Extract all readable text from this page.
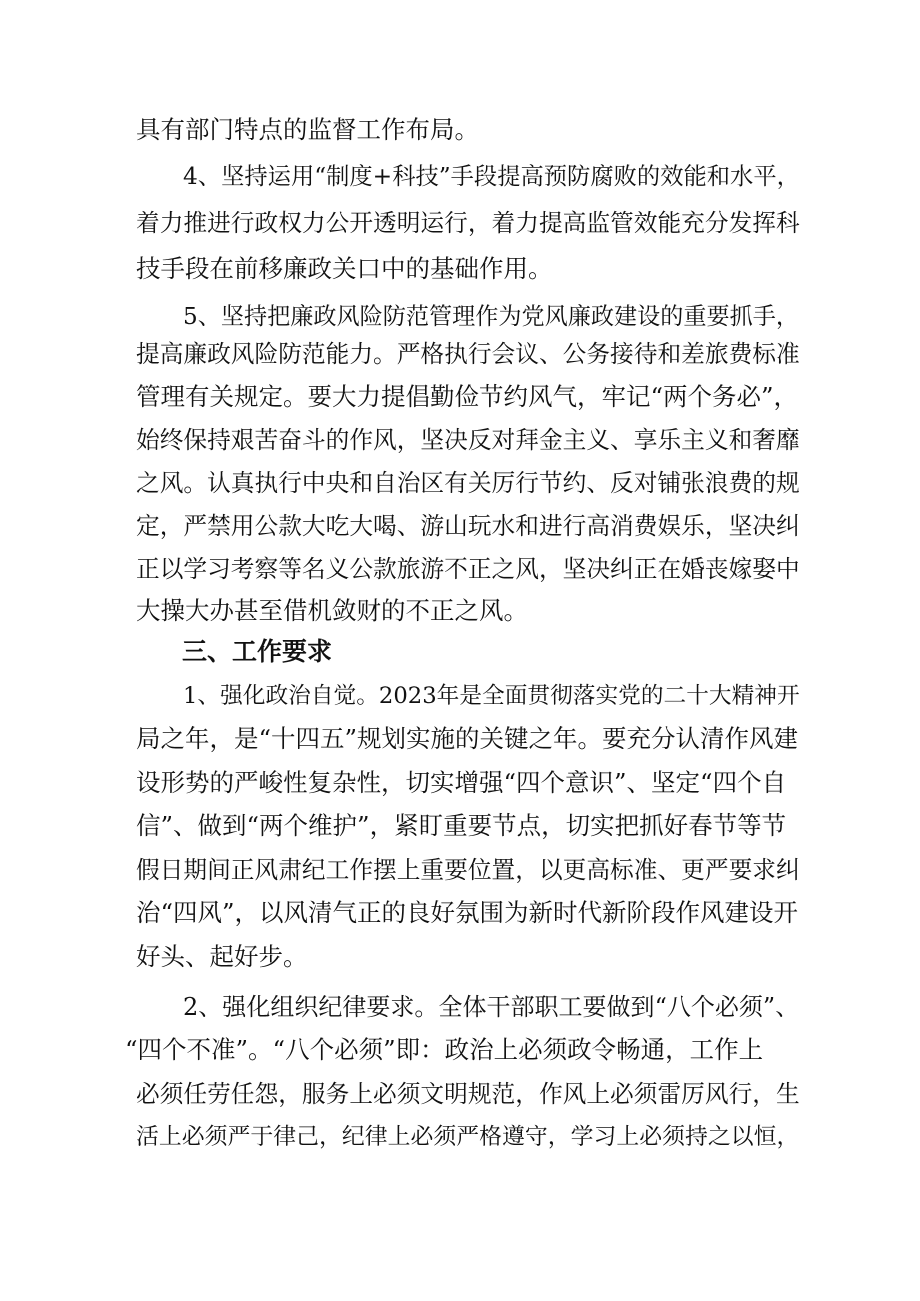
具有部门特点的监督工作布局。
4、坚持运用“制度+科技”手段提高预防腐败的效能和水平，
着力推进行政权力公开透明运行，着力提高监管效能充分发挥科
技手段在前移廉政关口中的基础作用。
5、坚持把廉政风险防范管理作为党风廉政建设的重要抓手，
提高廉政风险防范能力。严格执行会议、公务接待和差旅费标准
管理有关规定。要大力提倡勤俭节约风气，牢记“两个务必”，
始终保持艰苦奋斗的作风，坚决反对拜金主义、享乐主义和奢靡
之风。认真执行中央和自治区有关厉行节约、反对铺张浪费的规
定，严禁用公款大吃大喝、游山玩水和进行高消费娱乐，坚决纠
正以学习考察等名义公款旅游不正之风，坚决纠正在婚丧嫁娶中
大操大办甚至借机敛财的不正之风。
三、工作要求
1、强化政治自觉。2023年是全面贯彻落实党的二十大精神开
局之年，是“十四五”规划实施的关键之年。要充分认清作风建
设形势的严峻性复杂性，切实增强“四个意识”、坚定“四个自
信”、做到“两个维护”，紧盯重要节点，切实把抓好春节等节
假日期间正风肃纪工作摆上重要位置，以更高标准、更严要求纠
治“四风”，以风清气正的良好氛围为新时代新阶段作风建设开
好头、起好步。
2、强化组织纪律要求。全体干部职工要做到“八个必须”、
“四个不准”。“八个必须”即：政治上必须政令畅通，工作上
必须任劳任怨，服务上必须文明规范，作风上必须雷厉风行，生
活上必须严于律己，纪律上必须严格遵守，学习上必须持之以恒，
